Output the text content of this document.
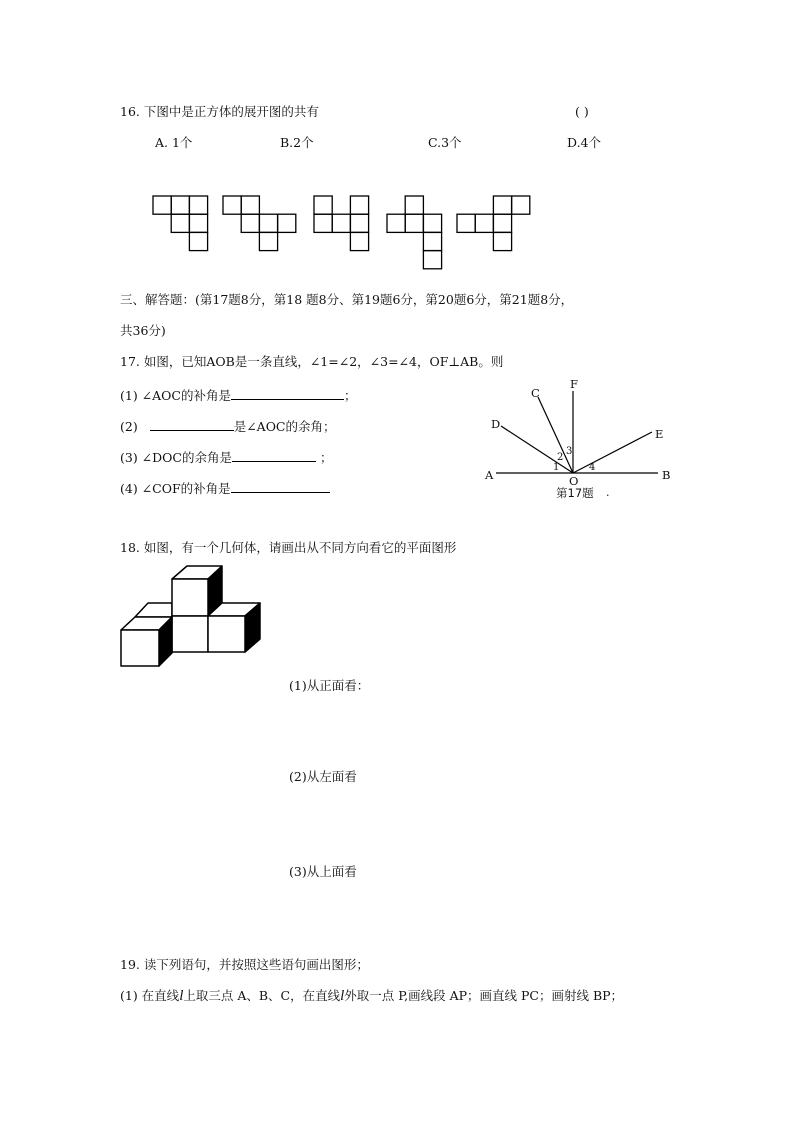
16. 下图中是正方体的展开图的共有	( )
A. 1个	B.2个	C.3个	D.4个
F
C
D
E
A	B
O
1
2
3
4
第17题 .
三、解答题：(第17题8分，第18 题8分、第19题6分，第20题6分，第21题8分，
共36分)
17. 如图，已知AOB是一条直线，∠1=∠2，∠3=∠4，OF⊥AB。则
(1) ∠AOC的补角是	；
(2)	是∠AOC的余角；
(3) ∠DOC的余角是	；
(4) ∠COF的补角是
18. 如图，有一个几何体，请画出从不同方向看它的平面图形
(1)从正面看：
(2)从左面看
(3)从上面看
19. 读下列语句，并按照这些语句画出图形；
(1) 在直线l上取三点 A、B、C，在直线l外取一点 P,画线段 AP；画直线 PC；画射线 BP；
